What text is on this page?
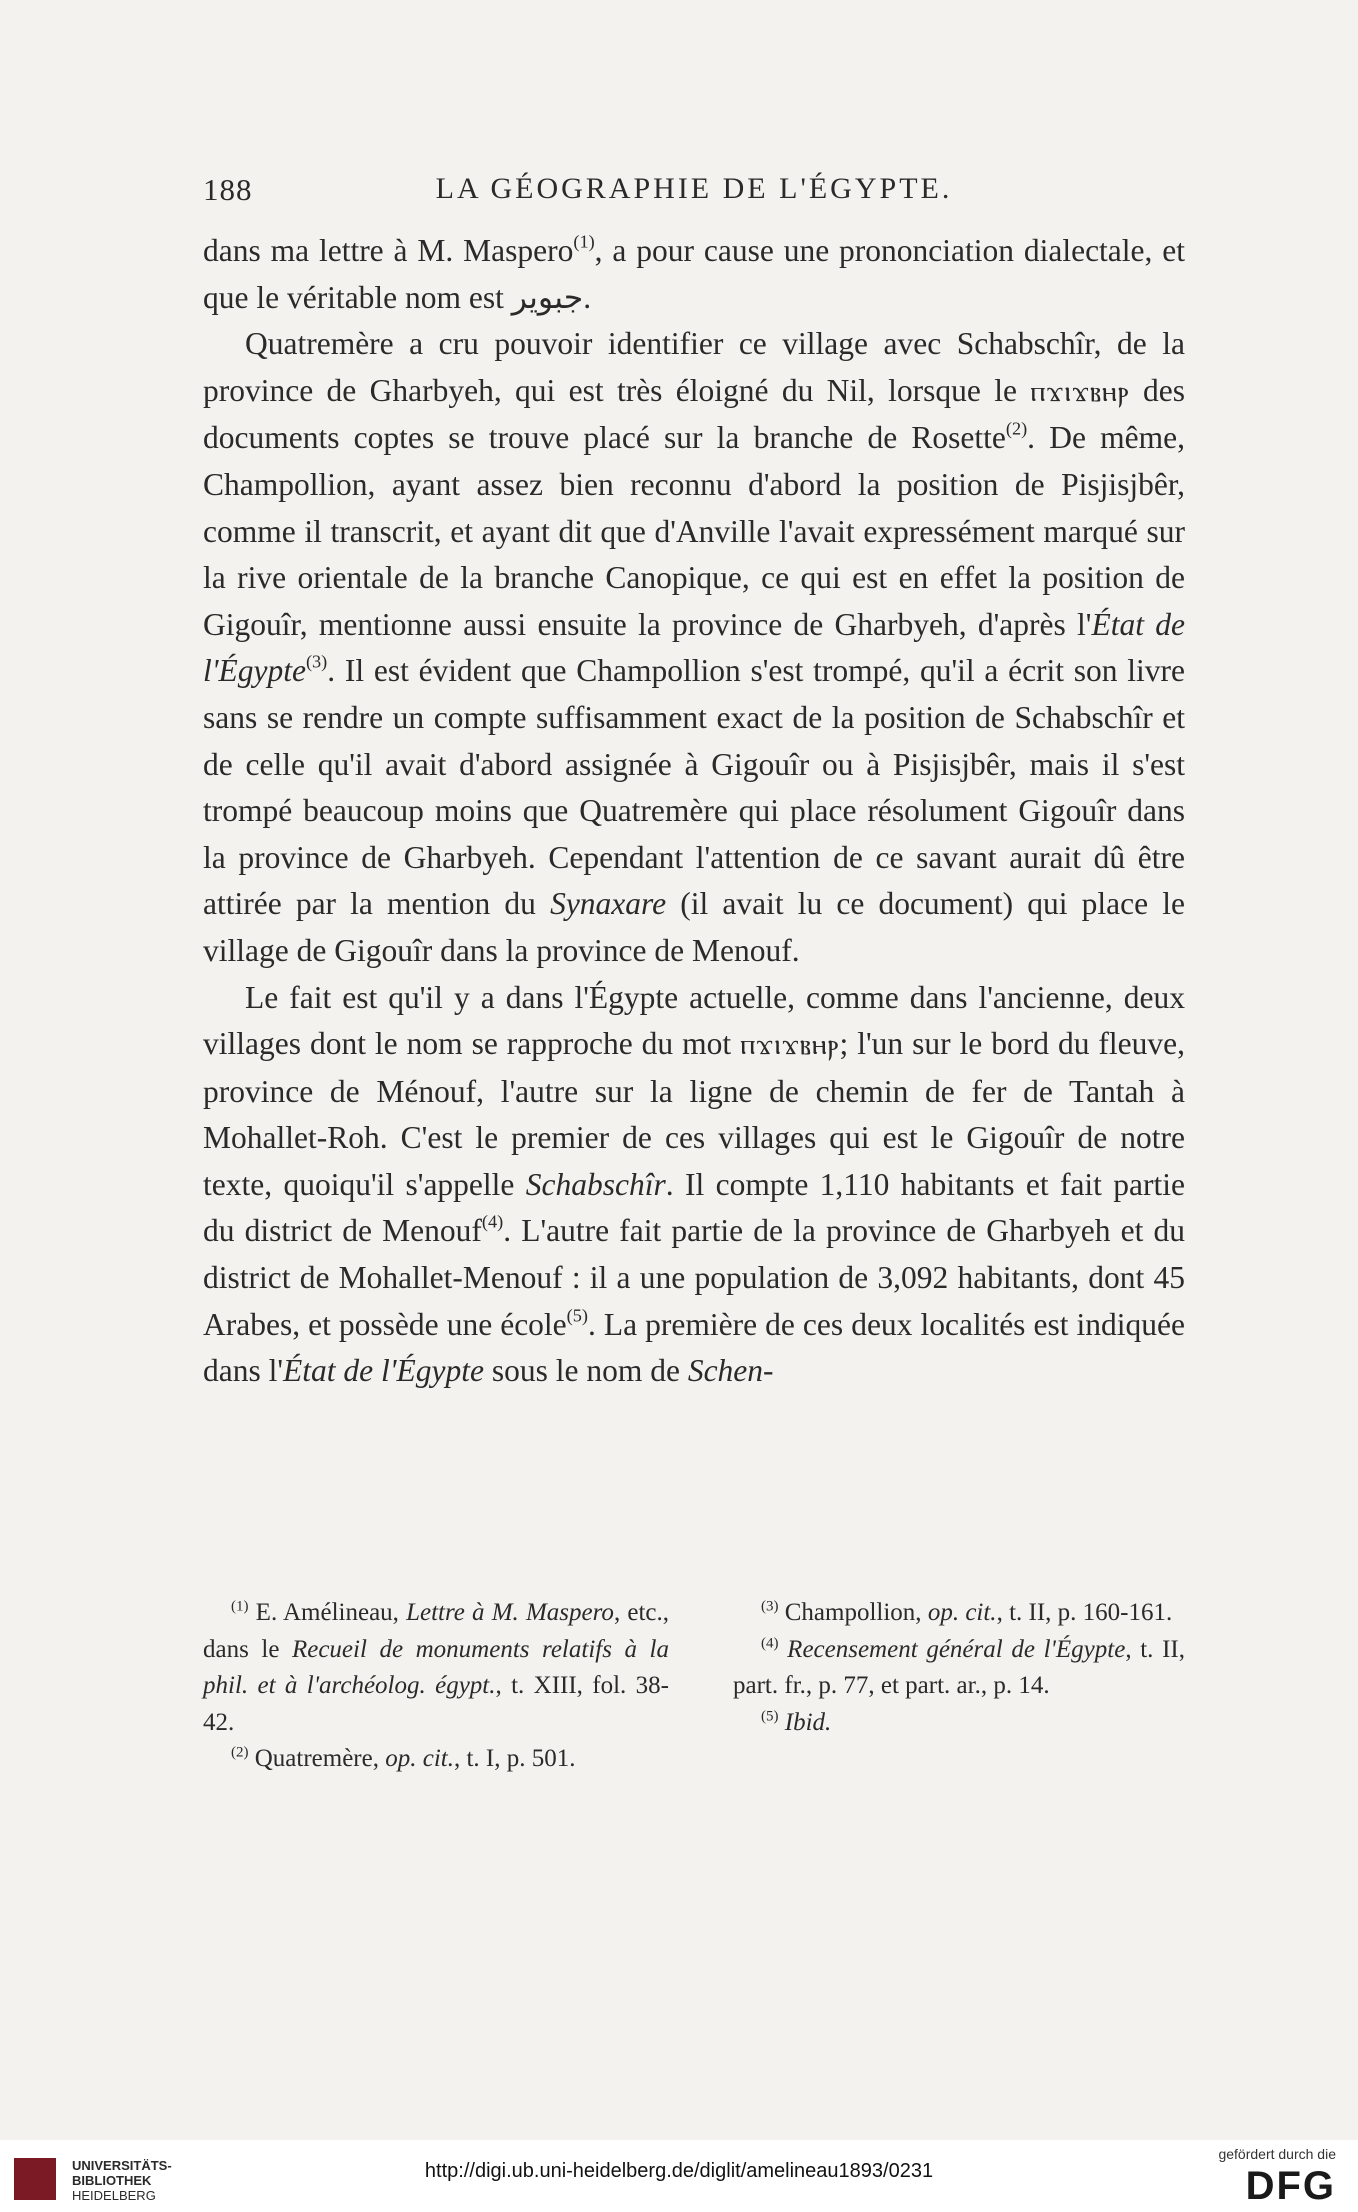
188	LA GÉOGRAPHIE DE L'ÉGYPTE.

dans ma lettre à M. Maspero$^{(1)}$, a pour cause une prononciation dialectale, et que le véritable nom est جبوير.

Quatremère a cru pouvoir identifier ce village avec Schabschîr, de la province de Gharbyeh, qui est très éloigné du Nil, lorsque le ⲡϫⲓϫⲃⲏⲣ des documents coptes se trouve placé sur la branche de Rosette$^{(2)}$. De même, Champollion, ayant assez bien reconnu d'abord la position de Pisjisjbêr, comme il transcrit, et ayant dit que d'Anville l'avait expressément marqué sur la rive orientale de la branche Canopique, ce qui est en effet la position de Gigouîr, mentionne aussi ensuite la province de Gharbyeh, d'après l'État de l'Égypte$^{(3)}$. Il est évident que Champollion s'est trompé, qu'il a écrit son livre sans se rendre un compte suffisamment exact de la position de Schabschîr et de celle qu'il avait d'abord assignée à Gigouîr ou à Pisjisjbêr, mais il s'est trompé beaucoup moins que Quatremère qui place résolument Gigouîr dans la province de Gharbyeh. Cependant l'attention de ce savant aurait dû être attirée par la mention du Synaxare (il avait lu ce document) qui place le village de Gigouîr dans la province de Menouf.

Le fait est qu'il y a dans l'Égypte actuelle, comme dans l'ancienne, deux villages dont le nom se rapproche du mot ⲡϫⲓϫⲃⲏⲣ; l'un sur le bord du fleuve, province de Ménouf, l'autre sur la ligne de chemin de fer de Tantah à Mohallet-Roh. C'est le premier de ces villages qui est le Gigouîr de notre texte, quoiqu'il s'appelle Schabschîr. Il compte 1,110 habitants et fait partie du district de Menouf$^{(4)}$. L'autre fait partie de la province de Gharbyeh et du district de Mohallet-Menouf : il a une population de 3,092 habitants, dont 45 Arabes, et possède une école$^{(5)}$. La première de ces deux localités est indiquée dans l'État de l'Égypte sous le nom de Schen-

$^{(1)}$ E. Amélineau, Lettre à M. Maspero, etc., dans le Recueil de monuments relatifs à la phil. et à l'archéolog. égypt., t. XIII, fol. 38-42.

$^{(2)}$ Quatremère, op. cit., t. I, p. 501.

$^{(3)}$ Champollion, op. cit., t. II, p. 160-161.

$^{(4)}$ Recensement général de l'Égypte, t. II, part. fr., p. 77, et part. ar., p. 14.

$^{(5)}$ Ibid.

UNIVERSITÄTS-
BIBLIOTHEK
HEIDELBERG
http://digi.ub.uni-heidelberg.de/diglit/amelineau1893/0231
gefördert durch die
DFG
